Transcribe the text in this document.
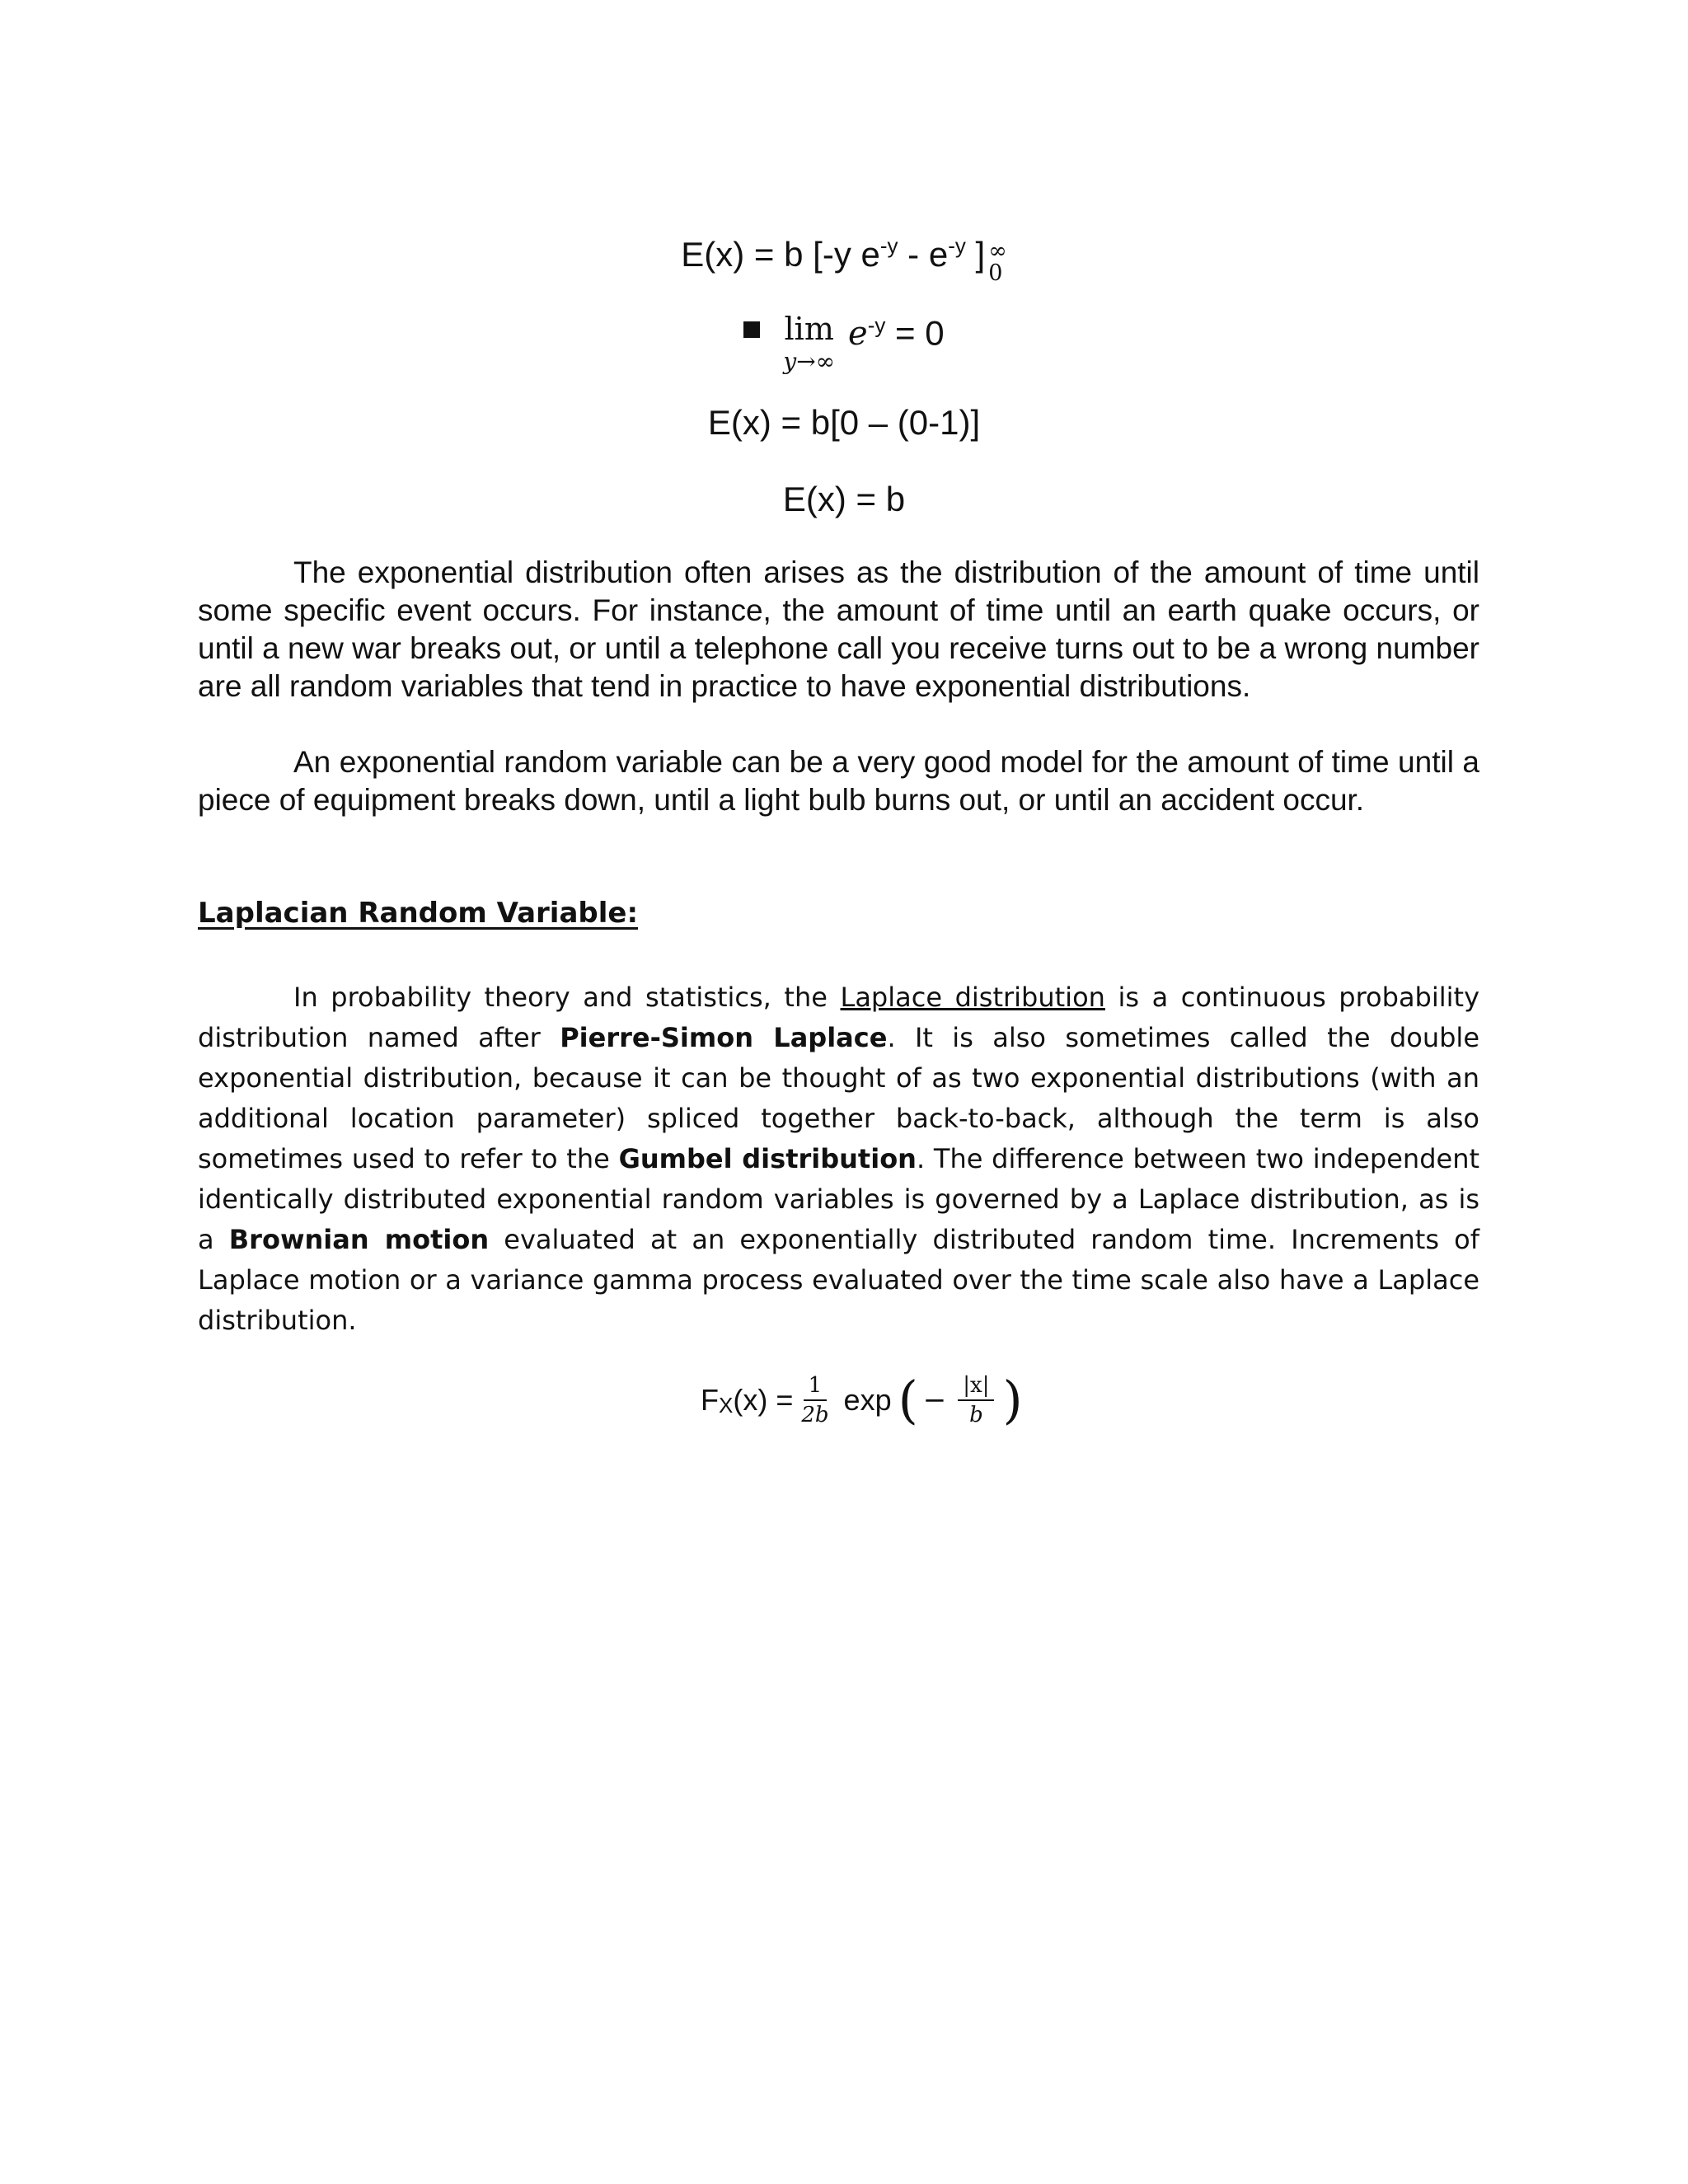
E(x) = b [-y $e^{-y} - e^{-y}$ ] ∞
0
lim
y→∞
$e^{-y} = 0$
E(x) = b[0 – (0-1)]
E(x) = b

The exponential distribution often arises as the distribution of the amount of time until some specific event occurs. For instance, the amount of time until an earth quake occurs, or until a new war breaks out, or until a telephone call you receive turns out to be a wrong number are all random variables that tend in practice to have exponential distributions.

An exponential random variable can be a very good model for the amount of time until a piece of equipment breaks down, until a light bulb burns out, or until an accident occur.

Laplacian Random Variable:

In probability theory and statistics, the Laplace distribution is a continuous probability distribution named after Pierre-Simon Laplace. It is also sometimes called the double exponential distribution, because it can be thought of as two exponential distributions (with an additional location parameter) spliced together back-to-back, although the term is also sometimes used to refer to the Gumbel distribution. The difference between two independent identically distributed exponential random variables is governed by a Laplace distribution, as is a Brownian motion evaluated at an exponentially distributed random time. Increments of Laplace motion or a variance gamma process evaluated over the time scale also have a Laplace distribution.

F X $(x) = \frac{1}{2b}$ exp ( − $\frac{|x|}{b}$ )
